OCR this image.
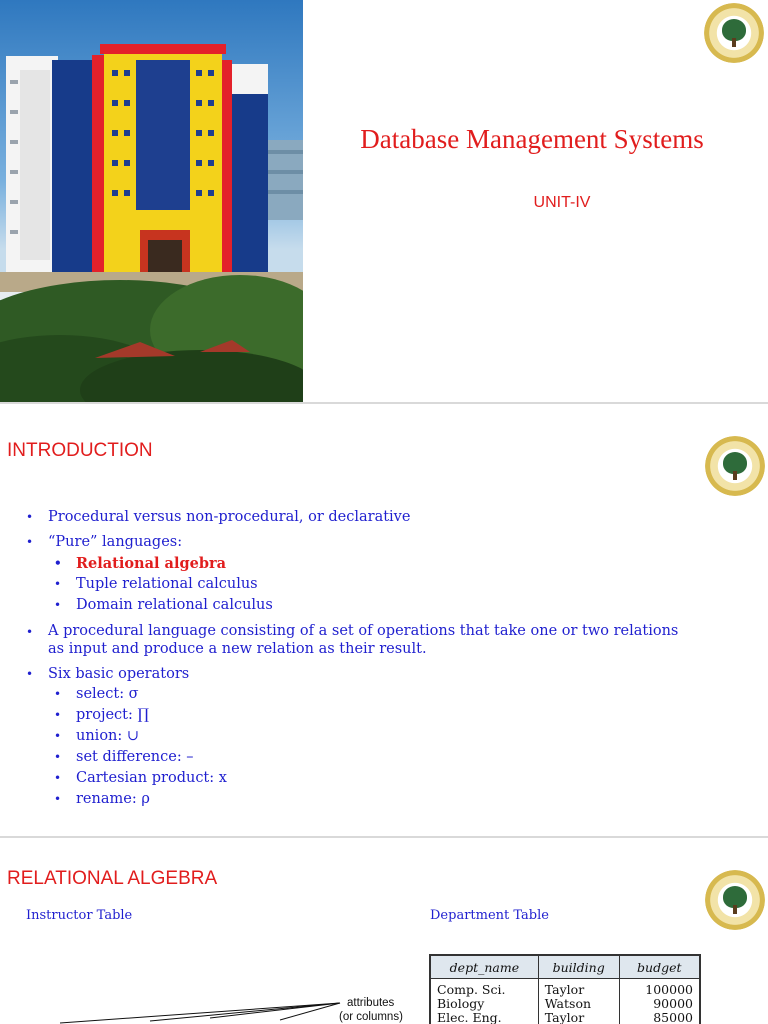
Database Management Systems
UNIT-IV
INTRODUCTION
• Procedural versus non-procedural, or declarative
• “Pure” languages:
• Relational algebra
• Tuple relational calculus
• Domain relational calculus
• A procedural language consisting of a set of operations that take one or two relations as input and produce a new relation as their result.
• Six basic operators
• select: σ
• project: ∏
• union: ∪
• set difference: –
• Cartesian product: x
• rename: ρ
RELATIONAL ALGEBRA
Instructor Table	Department Table
attributes
(or columns)
dept_name	building	budget
Comp. Sci.	Taylor	100000
Biology	Watson	90000
Elec. Eng.	Taylor	85000
